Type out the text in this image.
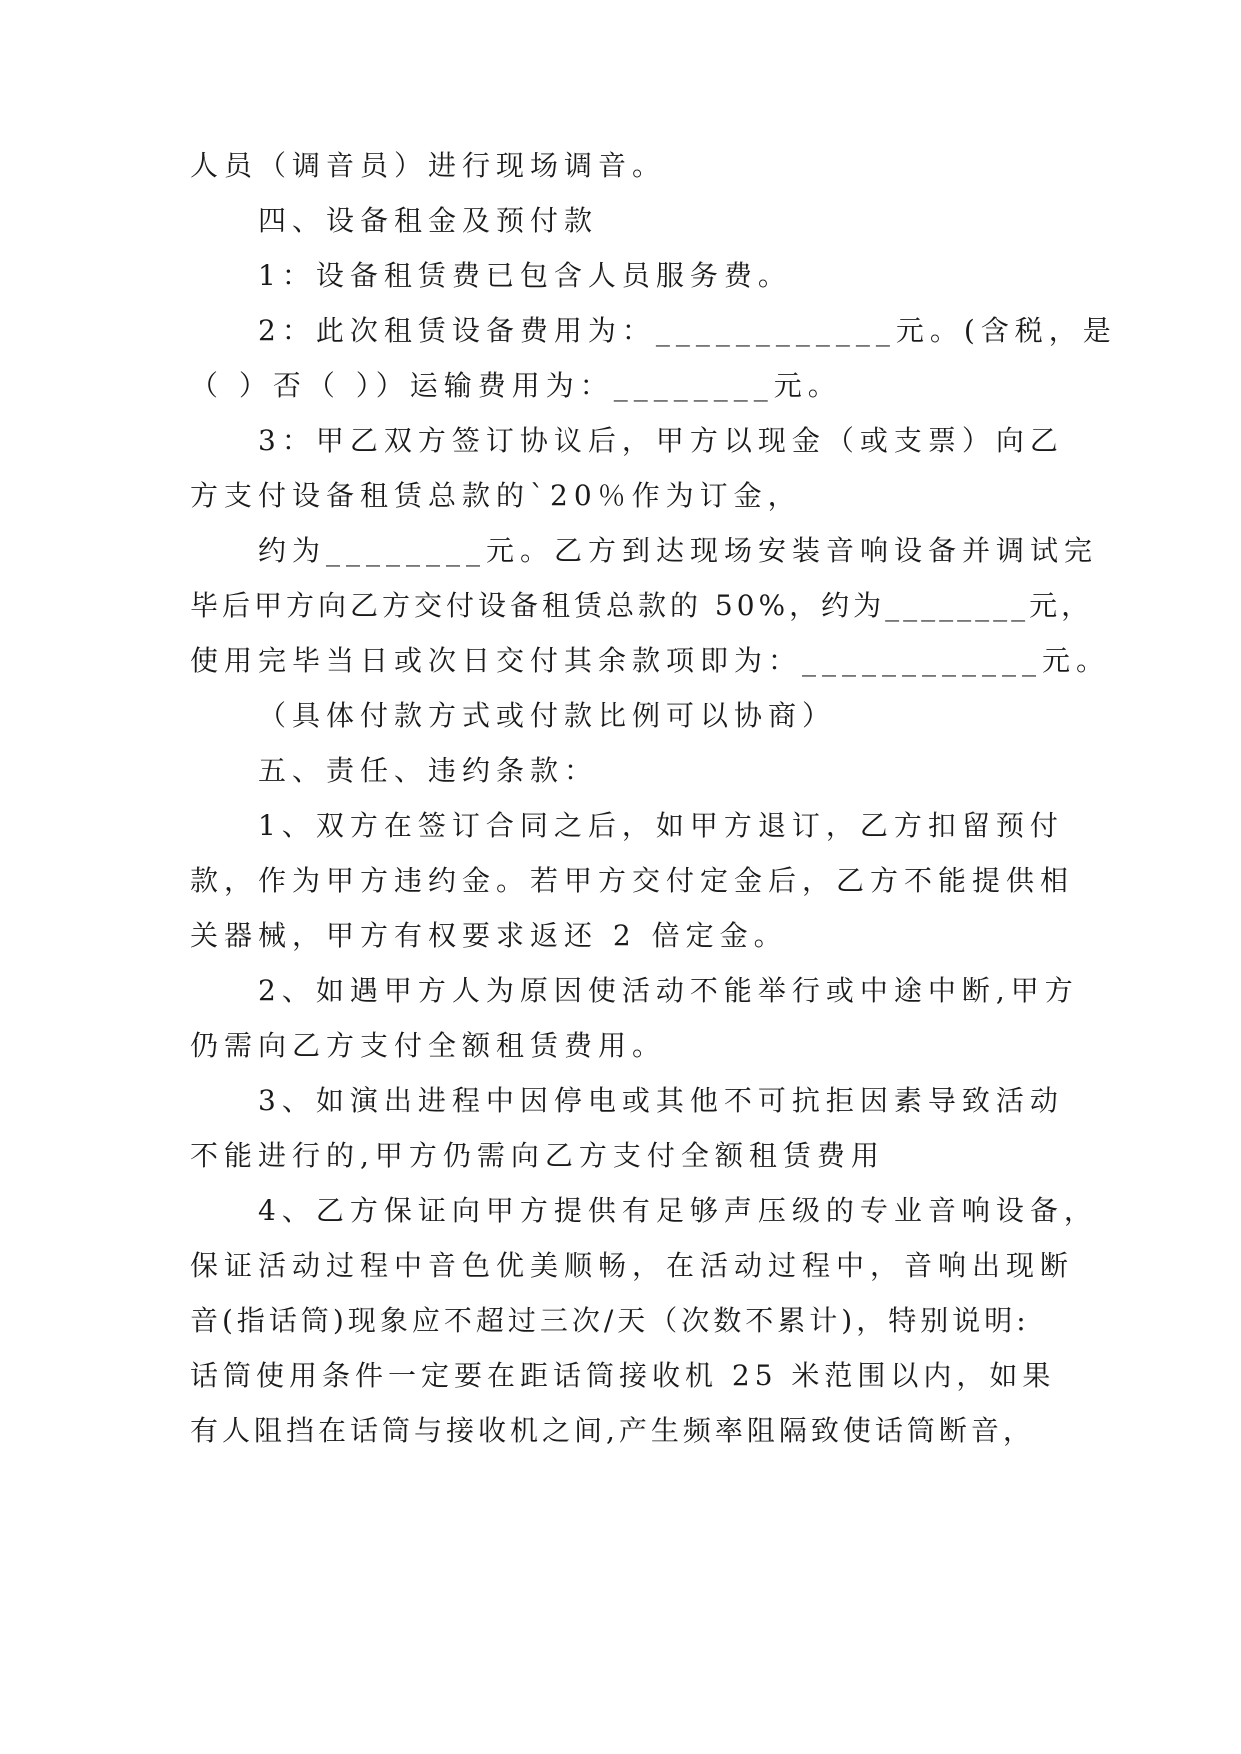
人员（调音员）进行现场调音。
四、设备租金及预付款
1：设备租赁费已包含人员服务费。
2：此次租赁设备费用为：____________元。(含税，是
（ ）否（ ））运输费用为：________元。
3：甲乙双方签订协议后，甲方以现金（或支票）向乙
方支付设备租赁总款的`20％作为订金，
约为________元。乙方到达现场安装音响设备并调试完
毕后甲方向乙方交付设备租赁总款的 50%，约为________元，
使用完毕当日或次日交付其余款项即为：____________元。
（具体付款方式或付款比例可以协商）
五、责任、违约条款：
1、双方在签订合同之后，如甲方退订，乙方扣留预付
款，作为甲方违约金。若甲方交付定金后，乙方不能提供相
关器械，甲方有权要求返还 2 倍定金。
2、如遇甲方人为原因使活动不能举行或中途中断,甲方
仍需向乙方支付全额租赁费用。
3、如演出进程中因停电或其他不可抗拒因素导致活动
不能进行的,甲方仍需向乙方支付全额租赁费用
4、乙方保证向甲方提供有足够声压级的专业音响设备，
保证活动过程中音色优美顺畅，在活动过程中，音响出现断
音(指话筒)现象应不超过三次/天（次数不累计)，特别说明:
话筒使用条件一定要在距话筒接收机 25 米范围以内，如果
有人阻挡在话筒与接收机之间,产生频率阻隔致使话筒断音，
